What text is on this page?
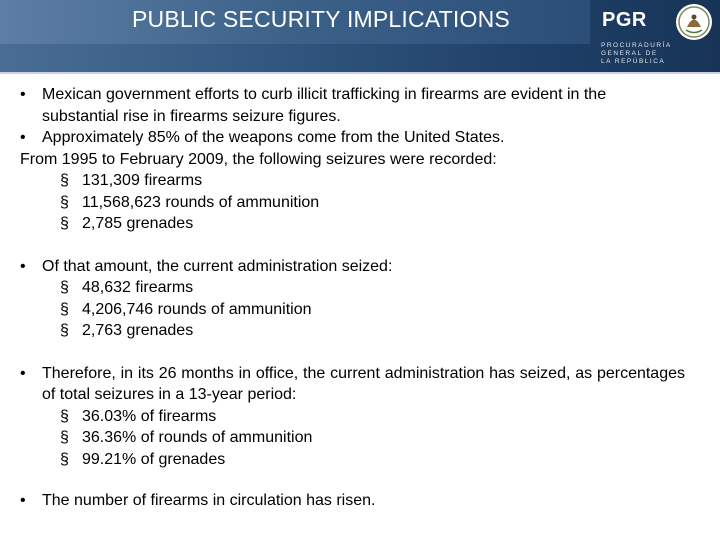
PUBLIC SECURITY IMPLICATIONS	PGR
PROCURADURÍA
GENERAL DE
LA REPÚBLICA
• Mexican government efforts to curb illicit trafficking in firearms are evident in the substantial rise in firearms seizure figures.
• Approximately 85% of the weapons come from the United States.
From 1995 to February 2009, the following seizures were recorded:
§ 131,309 firearms
§ 11,568,623 rounds of ammunition
§ 2,785 grenades
• Of that amount, the current administration seized:
§ 48,632 firearms
§ 4,206,746 rounds of ammunition
§ 2,763 grenades
• Therefore, in its 26 months in office, the current administration has seized, as percentages of total seizures in a 13-year period:
§ 36.03% of firearms
§ 36.36% of rounds of ammunition
§ 99.21% of grenades
• The number of firearms in circulation has risen.
